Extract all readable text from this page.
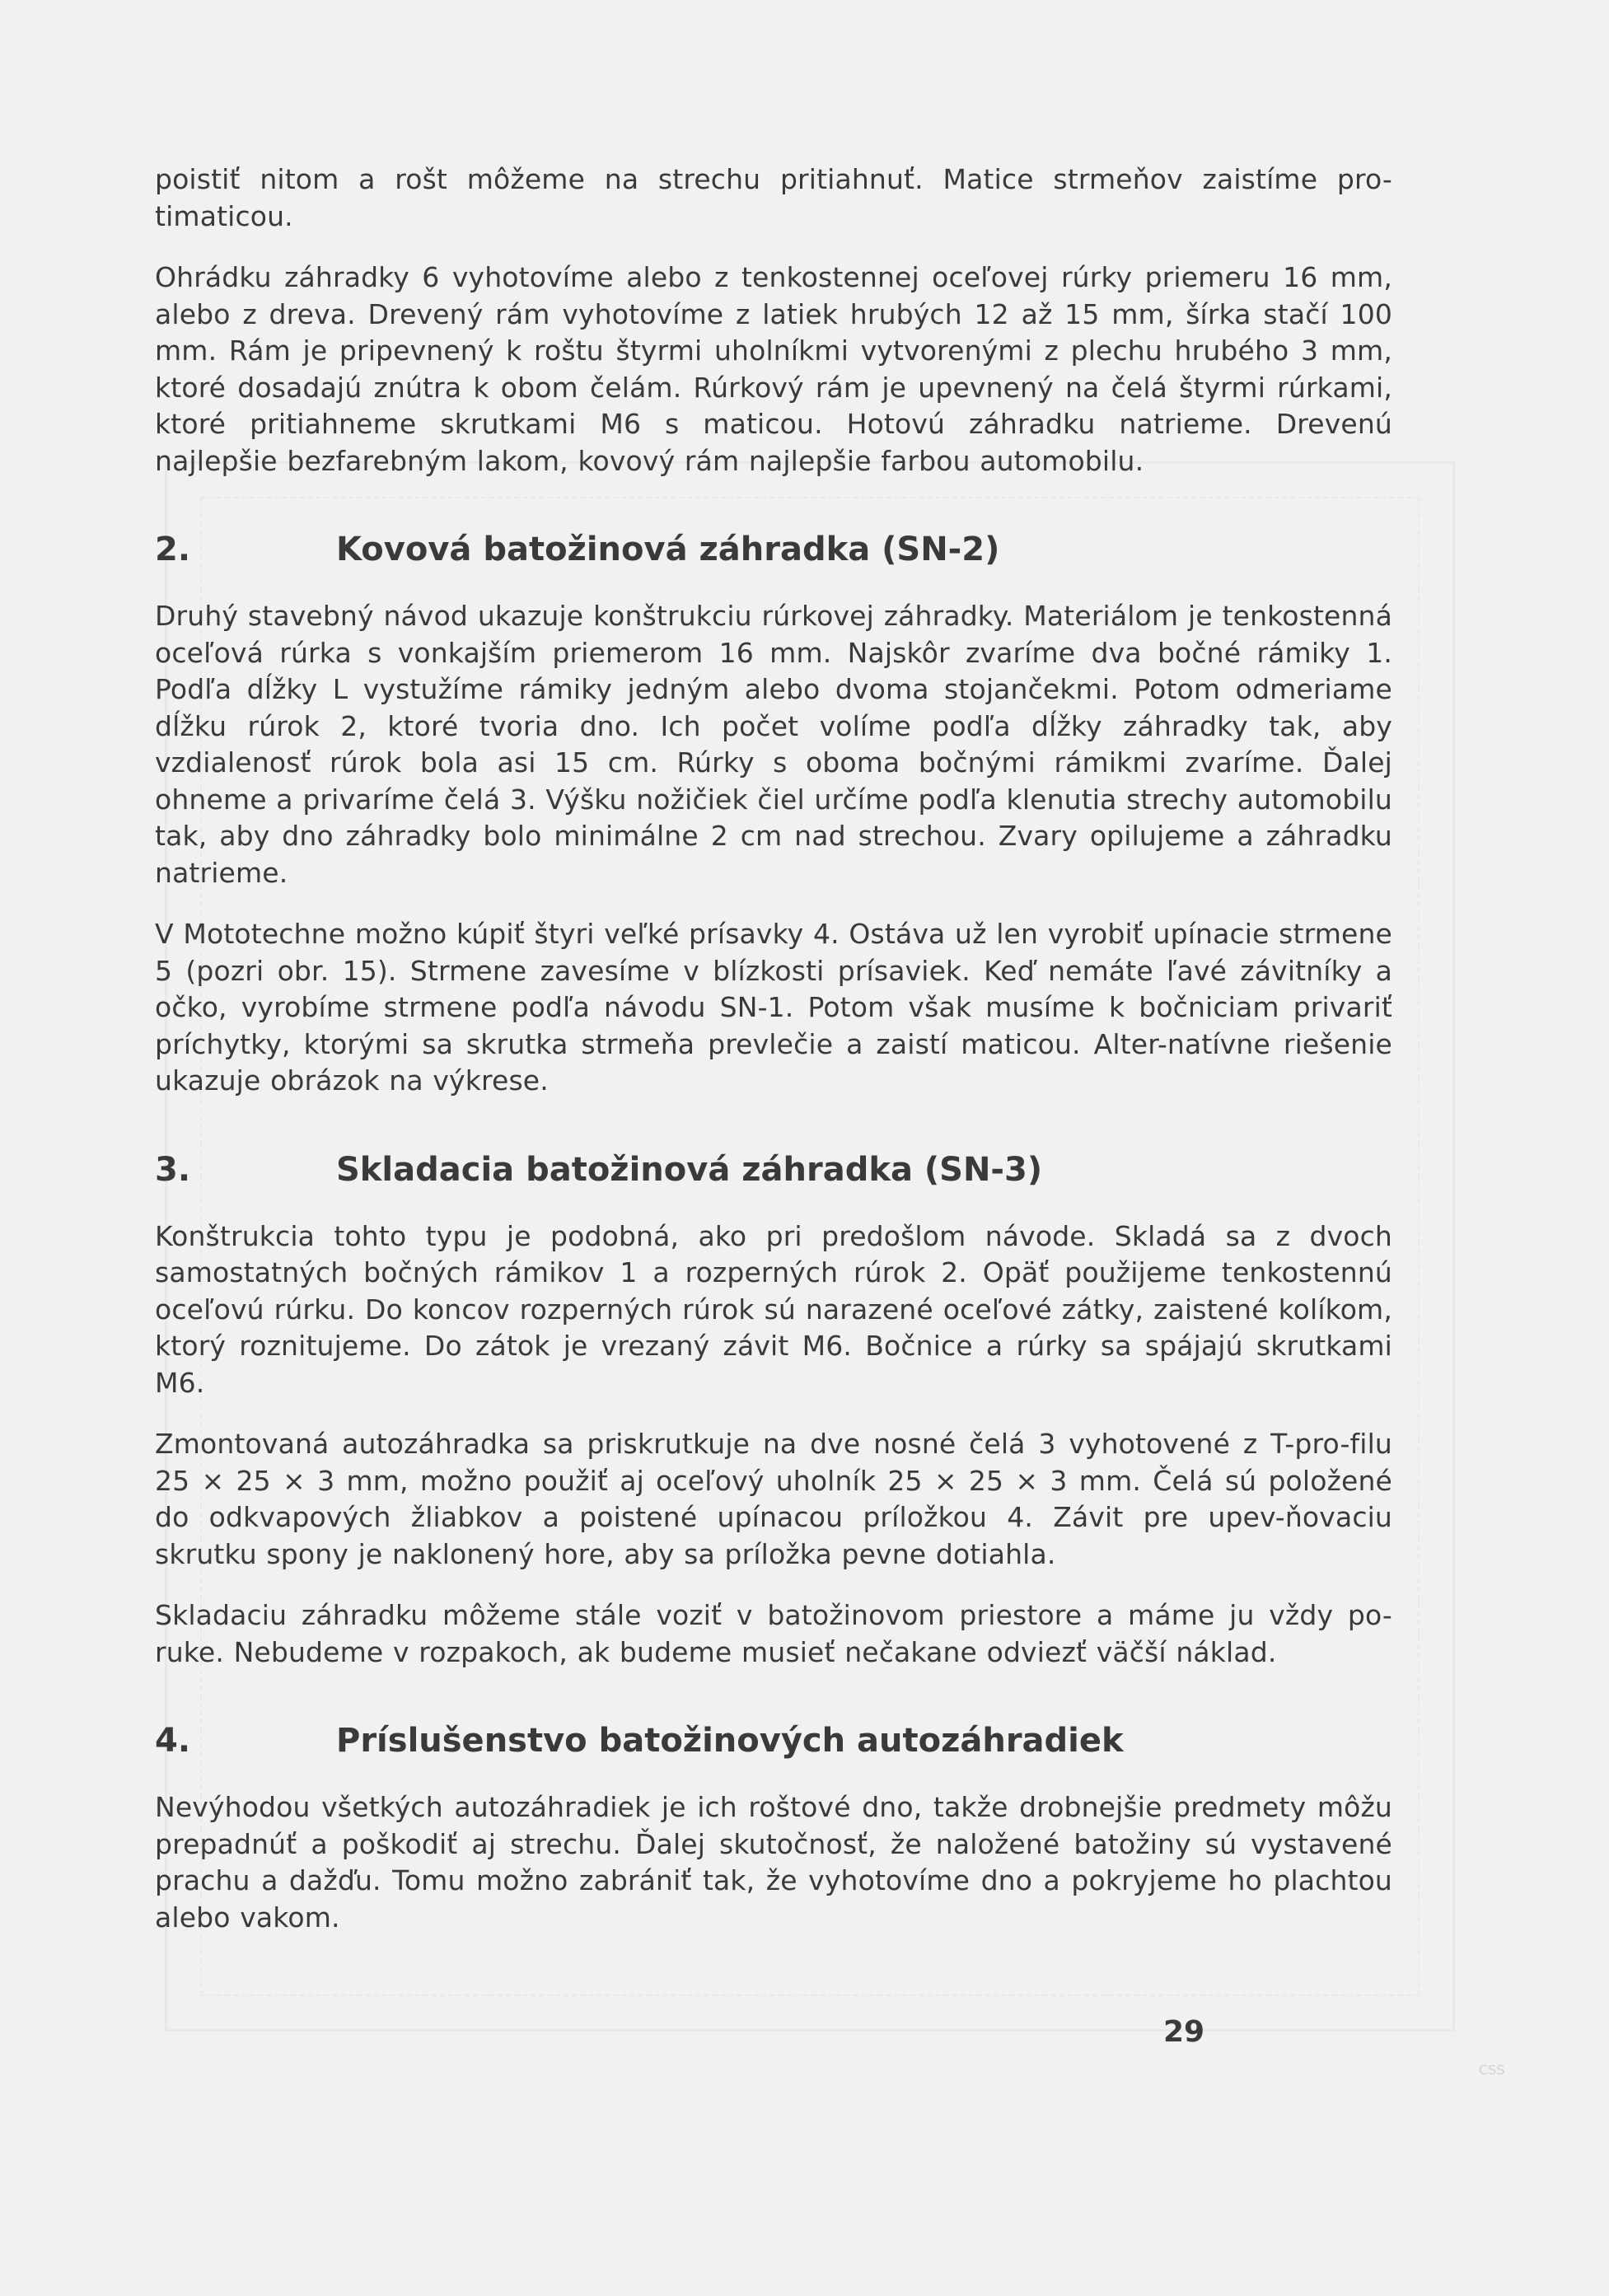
poistiť nitom a rošt môžeme na strechu pritiahnuť. Matice strmeňov zaistíme pro-timaticou.

Ohrádku záhradky 6 vyhotovíme alebo z tenkostennej oceľovej rúrky priemeru 16 mm, alebo z dreva. Drevený rám vyhotovíme z latiek hrubých 12 až 15 mm, šírka stačí 100 mm. Rám je pripevnený k roštu štyrmi uholníkmi vytvorenými z plechu hrubého 3 mm, ktoré dosadajú znútra k obom čelám. Rúrkový rám je upevnený na čelá štyrmi rúrkami, ktoré pritiahneme skrutkami M6 s maticou. Hotovú záhradku natrieme. Drevenú najlepšie bezfarebným lakom, kovový rám najlepšie farbou automobilu.

2.	Kovová batožinová záhradka (SN-2)

Druhý stavebný návod ukazuje konštrukciu rúrkovej záhradky. Materiálom je tenkostenná oceľová rúrka s vonkajším priemerom 16 mm. Najskôr zvaríme dva bočné rámiky 1. Podľa dĺžky L vystužíme rámiky jedným alebo dvoma stojančekmi. Potom odmeriame dĺžku rúrok 2, ktoré tvoria dno. Ich počet volíme podľa dĺžky záhradky tak, aby vzdialenosť rúrok bola asi 15 cm. Rúrky s oboma bočnými rámikmi zvaríme. Ďalej ohneme a privaríme čelá 3. Výšku nožičiek čiel určíme podľa klenutia strechy automobilu tak, aby dno záhradky bolo minimálne 2 cm nad strechou. Zvary opilujeme a záhradku natrieme.

V Mototechne možno kúpiť štyri veľké prísavky 4. Ostáva už len vyrobiť upínacie strmene 5 (pozri obr. 15). Strmene zavesíme v blízkosti prísaviek. Keď nemáte ľavé závitníky a očko, vyrobíme strmene podľa návodu SN-1. Potom však musíme k bočniciam privariť príchytky, ktorými sa skrutka strmeňa prevlečie a zaistí maticou. Alter-natívne riešenie ukazuje obrázok na výkrese.

3.	Skladacia batožinová záhradka (SN-3)

Konštrukcia tohto typu je podobná, ako pri predošlom návode. Skladá sa z dvoch samostatných bočných rámikov 1 a rozperných rúrok 2. Opäť použijeme tenkostennú oceľovú rúrku. Do koncov rozperných rúrok sú narazené oceľové zátky, zaistené kolíkom, ktorý roznitujeme. Do zátok je vrezaný závit M6. Bočnice a rúrky sa spájajú skrutkami M6.

Zmontovaná autozáhradka sa priskrutkuje na dve nosné čelá 3 vyhotovené z T-pro-filu 25 × 25 × 3 mm, možno použiť aj oceľový uholník 25 × 25 × 3 mm. Čelá sú položené do odkvapových žliabkov a poistené upínacou príložkou 4. Závit pre upev-ňovaciu skrutku spony je naklonený hore, aby sa príložka pevne dotiahla.

Skladaciu záhradku môžeme stále voziť v batožinovom priestore a máme ju vždy po-ruke. Nebudeme v rozpakoch, ak budeme musieť nečakane odviezť väčší náklad.

4.	Príslušenstvo batožinových autozáhradiek

Nevýhodou všetkých autozáhradiek je ich roštové dno, takže drobnejšie predmety môžu prepadnúť a poškodiť aj strechu. Ďalej skutočnosť, že naložené batožiny sú vystavené prachu a dažďu. Tomu možno zabrániť tak, že vyhotovíme dno a pokryjeme ho plachtou alebo vakom.

29
CSS
